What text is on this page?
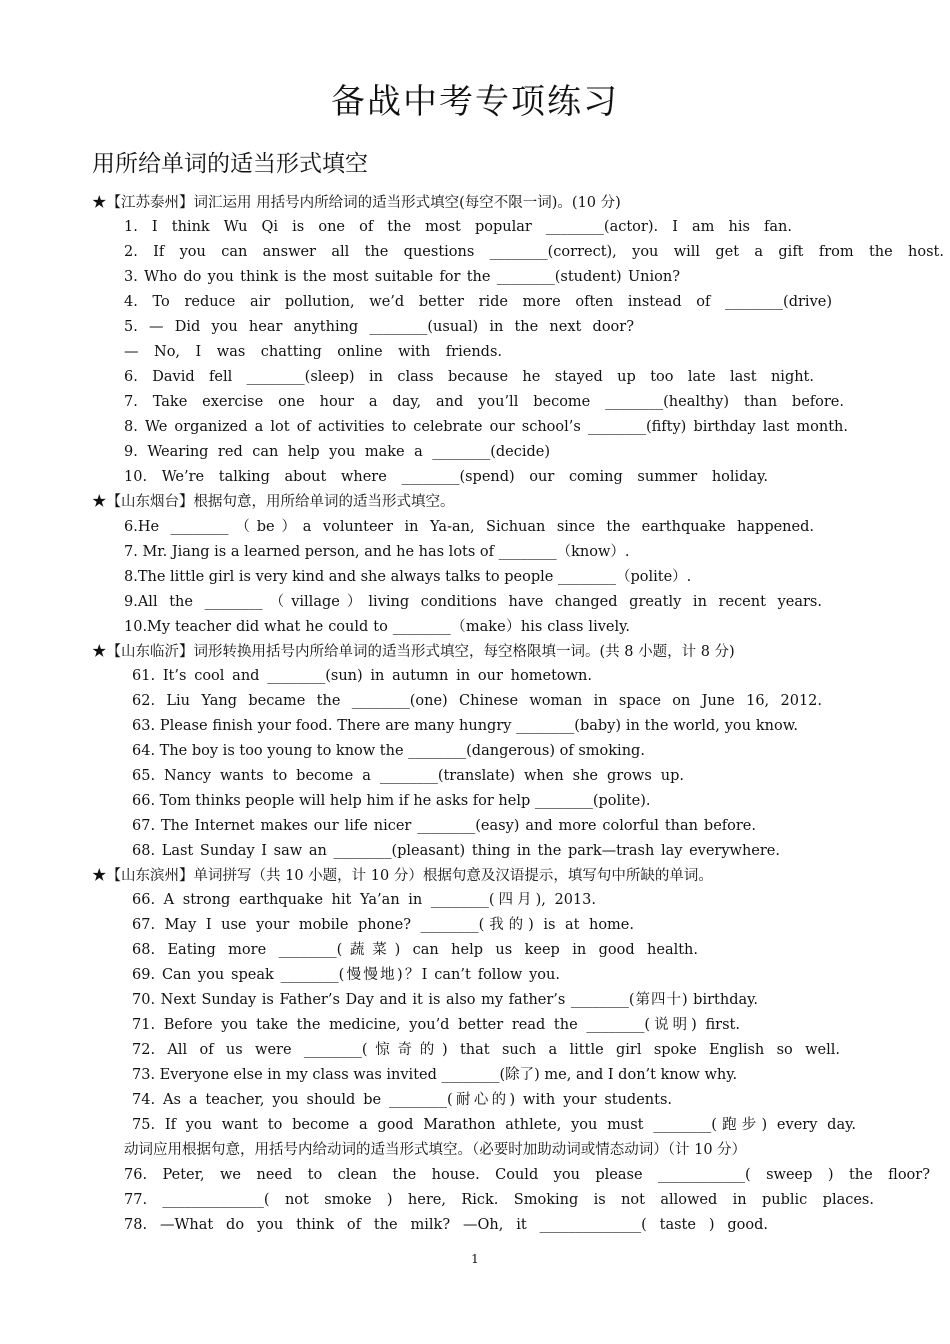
备战中考专项练习
用所给单词的适当形式填空
★【江苏泰州】词汇运用 用括号内所给词的适当形式填空(每空不限一词)。(10 分)
1. I think Wu Qi is one of the most popular ________(actor). I am his fan.
2. If you can answer all the questions ________(correct), you will get a gift from the host.
3. Who do you think is the most suitable for the ________(student) Union?
4. To reduce air pollution, we’d better ride more often instead of ________(drive)
5. — Did you hear anything ________(usual) in the next door?
— No, I was chatting online with friends.
6. David fell ________(sleep) in class because he stayed up too late last night.
7. Take exercise one hour a day, and you’ll become ________(healthy) than before.
8. We organized a lot of activities to celebrate our school’s ________(fifty) birthday last month.
9. Wearing red can help you make a ________(decide)
10. We’re talking about where ________(spend) our coming summer holiday.
★【山东烟台】根据句意，用所给单词的适当形式填空。
6.He ________（be）a volunteer in Ya-an, Sichuan since the earthquake happened.
7. Mr. Jiang is a learned person, and he has lots of ________（know）.
8.The little girl is very kind and she always talks to people ________（polite）.
9.All the ________（village）living conditions have changed greatly in recent years.
10.My teacher did what he could to ________（make）his class lively.
★【山东临沂】词形转换用括号内所给单词的适当形式填空，每空格限填一词。(共 8 小题，计 8 分)
61. It’s cool and ________(sun) in autumn in our hometown.
62. Liu Yang became the ________(one) Chinese woman in space on June 16, 2012.
63. Please finish your food. There are many hungry ________(baby) in the world, you know.
64. The boy is too young to know the ________(dangerous) of smoking.
65. Nancy wants to become a ________(translate) when she grows up.
66. Tom thinks people will help him if he asks for help ________(polite).
67. The Internet makes our life nicer ________(easy) and more colorful than before.
68. Last Sunday I saw an ________(pleasant) thing in the park—trash lay everywhere.
★【山东滨州】单词拼写（共 10 小题，计 10 分）根据句意及汉语提示，填写句中所缺的单词。
66. A strong earthquake hit Ya’an in ________(四月), 2013.
67. May I use your mobile phone? ________(我的) is at home.
68. Eating more ________(蔬菜) can help us keep in good health.
69. Can you speak ________(慢慢地)？I can’t follow you.
70. Next Sunday is Father’s Day and it is also my father’s ________(第四十) birthday.
71. Before you take the medicine, you’d better read the ________(说明) first.
72. All of us were ________(惊奇的) that such a little girl spoke English so well.
73. Everyone else in my class was invited ________(除了) me, and I don’t know why.
74. As a teacher, you should be ________(耐心的) with your students.
75. If you want to become a good Marathon athlete, you must ________(跑步) every day.
动词应用根据句意，用括号内给动词的适当形式填空。（必要时加助动词或情态动词）（计 10 分）
76. Peter, we need to clean the house. Could you please ____________( sweep ) the floor?
77. ______________( not smoke ) here, Rick. Smoking is not allowed in public places.
78. —What do you think of the milk? —Oh, it ______________( taste ) good.
1
